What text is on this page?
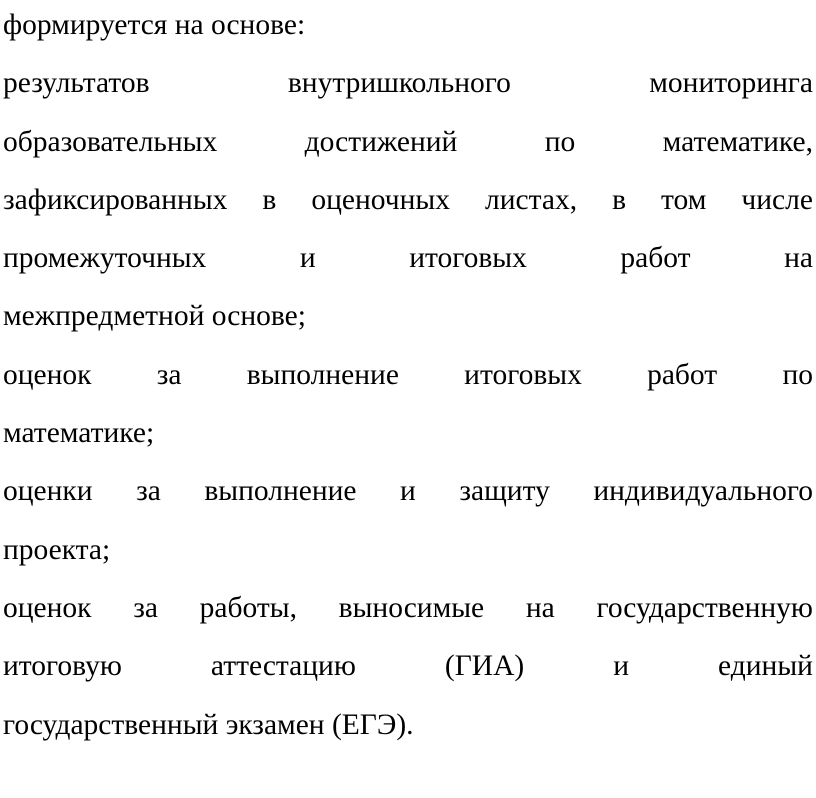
формируется на основе:
результатов	внутришкольного	мониторинга
образовательных	достижений	по	математике,
зафиксированных в оценочных листах, в том числе
промежуточных	и	итоговых	работ	на
межпредметной основе;
оценок за выполнение итоговых работ по
математике;
оценки за выполнение и защиту индивидуального
проекта;
оценок за работы, выносимые на государственную
итоговую	аттестацию	(ГИА)	и	единый
государственный экзамен (ЕГЭ).
